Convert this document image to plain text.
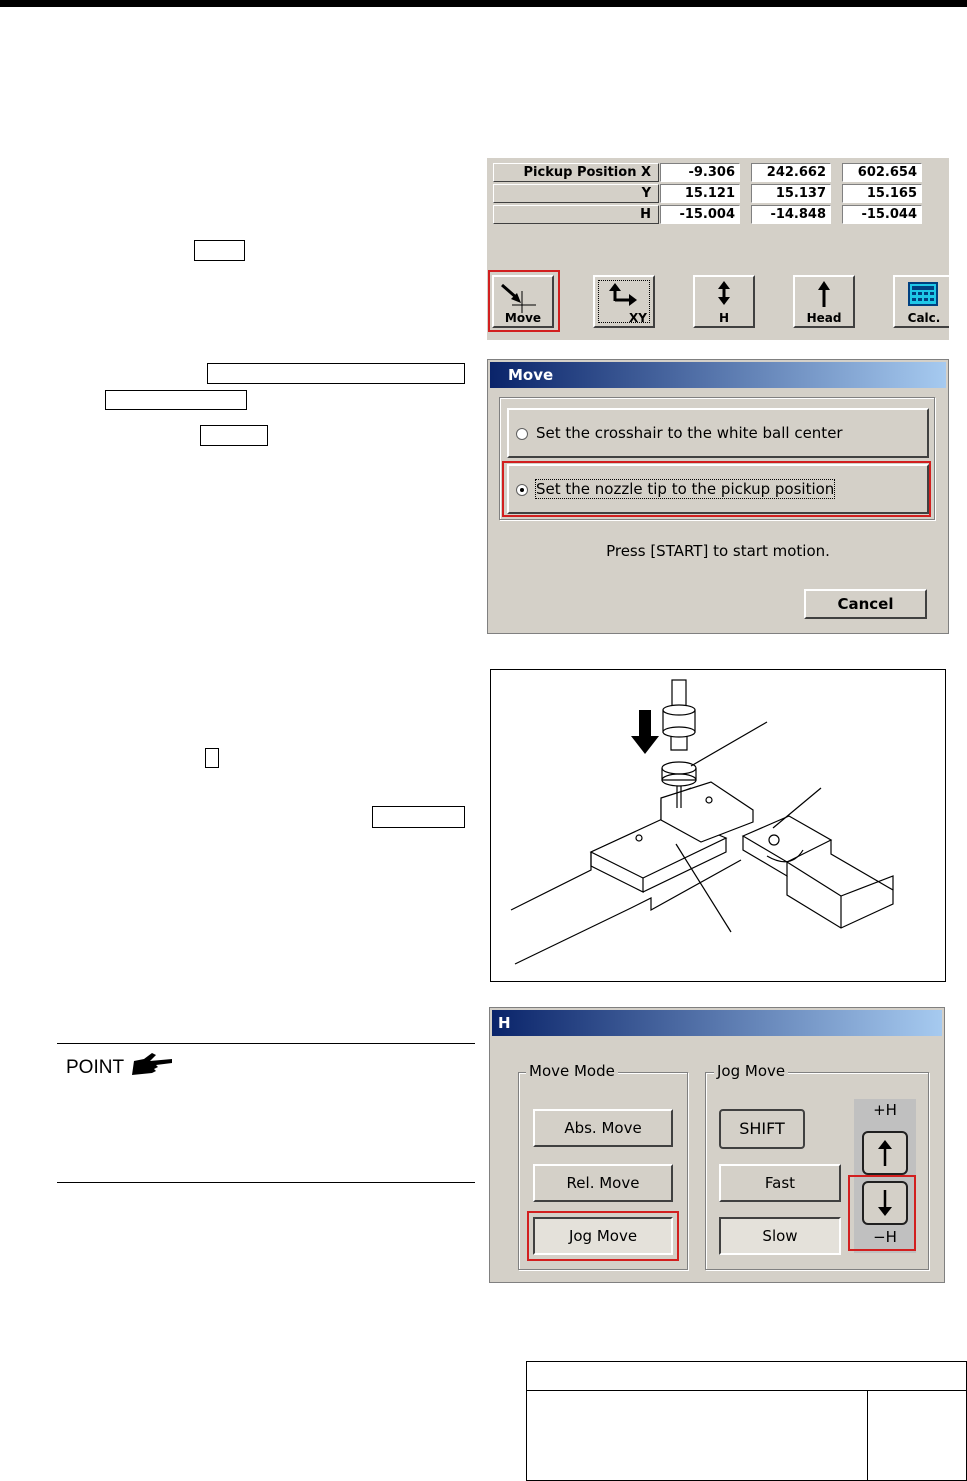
Pickup Position X	-9.306	242.662	602.654
Y	15.121	15.137	15.165
H	-15.004	-14.848	-15.044
Move	XY	H	Head	Calc.
Move
Set the crosshair to the white ball center
Set the nozzle tip to the pickup position
Press [START] to start motion.
Cancel
POINT
H
Move Mode
Abs. Move
Rel. Move
Jog Move
Jog Move
SHIFT
Fast
Slow
+H
−H
